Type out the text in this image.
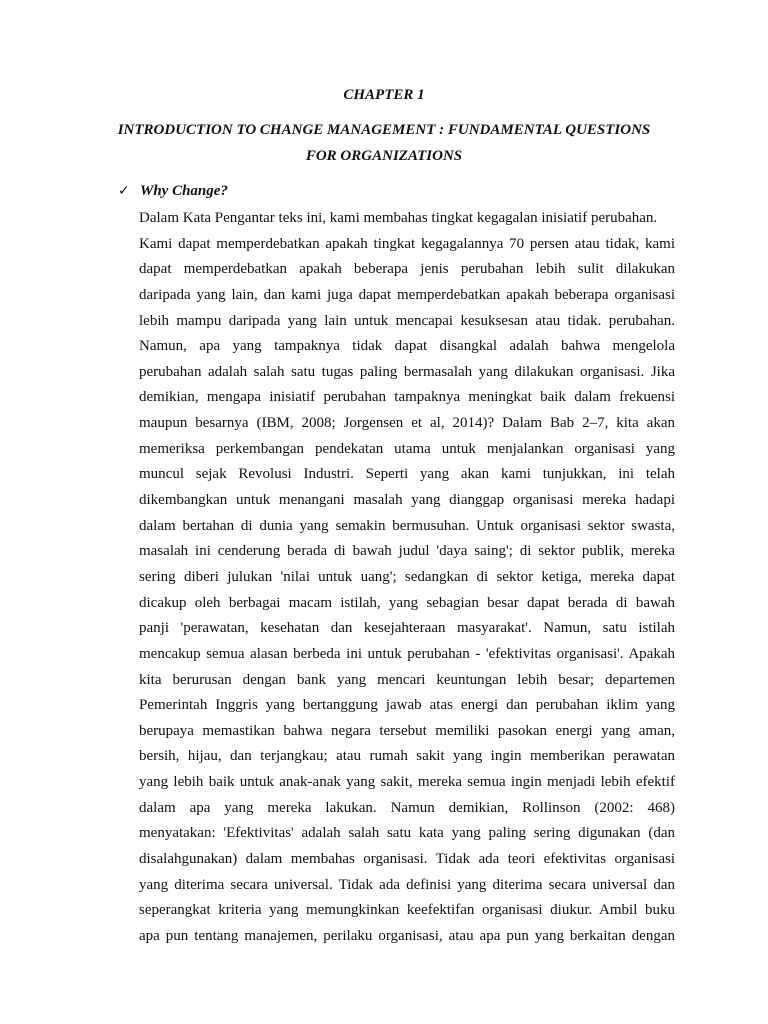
CHAPTER 1
INTRODUCTION TO CHANGE MANAGEMENT : FUNDAMENTAL QUESTIONS
FOR ORGANIZATIONS
✓ Why Change?
Dalam Kata Pengantar teks ini, kami membahas tingkat kegagalan inisiatif perubahan.
Kami dapat memperdebatkan apakah tingkat kegagalannya 70 persen atau tidak, kami
dapat memperdebatkan apakah beberapa jenis perubahan lebih sulit dilakukan
daripada yang lain, dan kami juga dapat memperdebatkan apakah beberapa organisasi
lebih mampu daripada yang lain untuk mencapai kesuksesan atau tidak. perubahan.
Namun, apa yang tampaknya tidak dapat disangkal adalah bahwa mengelola
perubahan adalah salah satu tugas paling bermasalah yang dilakukan organisasi. Jika
demikian, mengapa inisiatif perubahan tampaknya meningkat baik dalam frekuensi
maupun besarnya (IBM, 2008; Jorgensen et al, 2014)? Dalam Bab 2–7, kita akan
memeriksa perkembangan pendekatan utama untuk menjalankan organisasi yang
muncul sejak Revolusi Industri. Seperti yang akan kami tunjukkan, ini telah
dikembangkan untuk menangani masalah yang dianggap organisasi mereka hadapi
dalam bertahan di dunia yang semakin bermusuhan. Untuk organisasi sektor swasta,
masalah ini cenderung berada di bawah judul 'daya saing'; di sektor publik, mereka
sering diberi julukan 'nilai untuk uang'; sedangkan di sektor ketiga, mereka dapat
dicakup oleh berbagai macam istilah, yang sebagian besar dapat berada di bawah
panji 'perawatan, kesehatan dan kesejahteraan masyarakat'. Namun, satu istilah
mencakup semua alasan berbeda ini untuk perubahan - 'efektivitas organisasi'. Apakah
kita berurusan dengan bank yang mencari keuntungan lebih besar; departemen
Pemerintah Inggris yang bertanggung jawab atas energi dan perubahan iklim yang
berupaya memastikan bahwa negara tersebut memiliki pasokan energi yang aman,
bersih, hijau, dan terjangkau; atau rumah sakit yang ingin memberikan perawatan
yang lebih baik untuk anak-anak yang sakit, mereka semua ingin menjadi lebih efektif
dalam apa yang mereka lakukan. Namun demikian, Rollinson (2002: 468)
menyatakan: 'Efektivitas' adalah salah satu kata yang paling sering digunakan (dan
disalahgunakan) dalam membahas organisasi. Tidak ada teori efektivitas organisasi
yang diterima secara universal. Tidak ada definisi yang diterima secara universal dan
seperangkat kriteria yang memungkinkan keefektifan organisasi diukur. Ambil buku
apa pun tentang manajemen, perilaku organisasi, atau apa pun yang berkaitan dengan
